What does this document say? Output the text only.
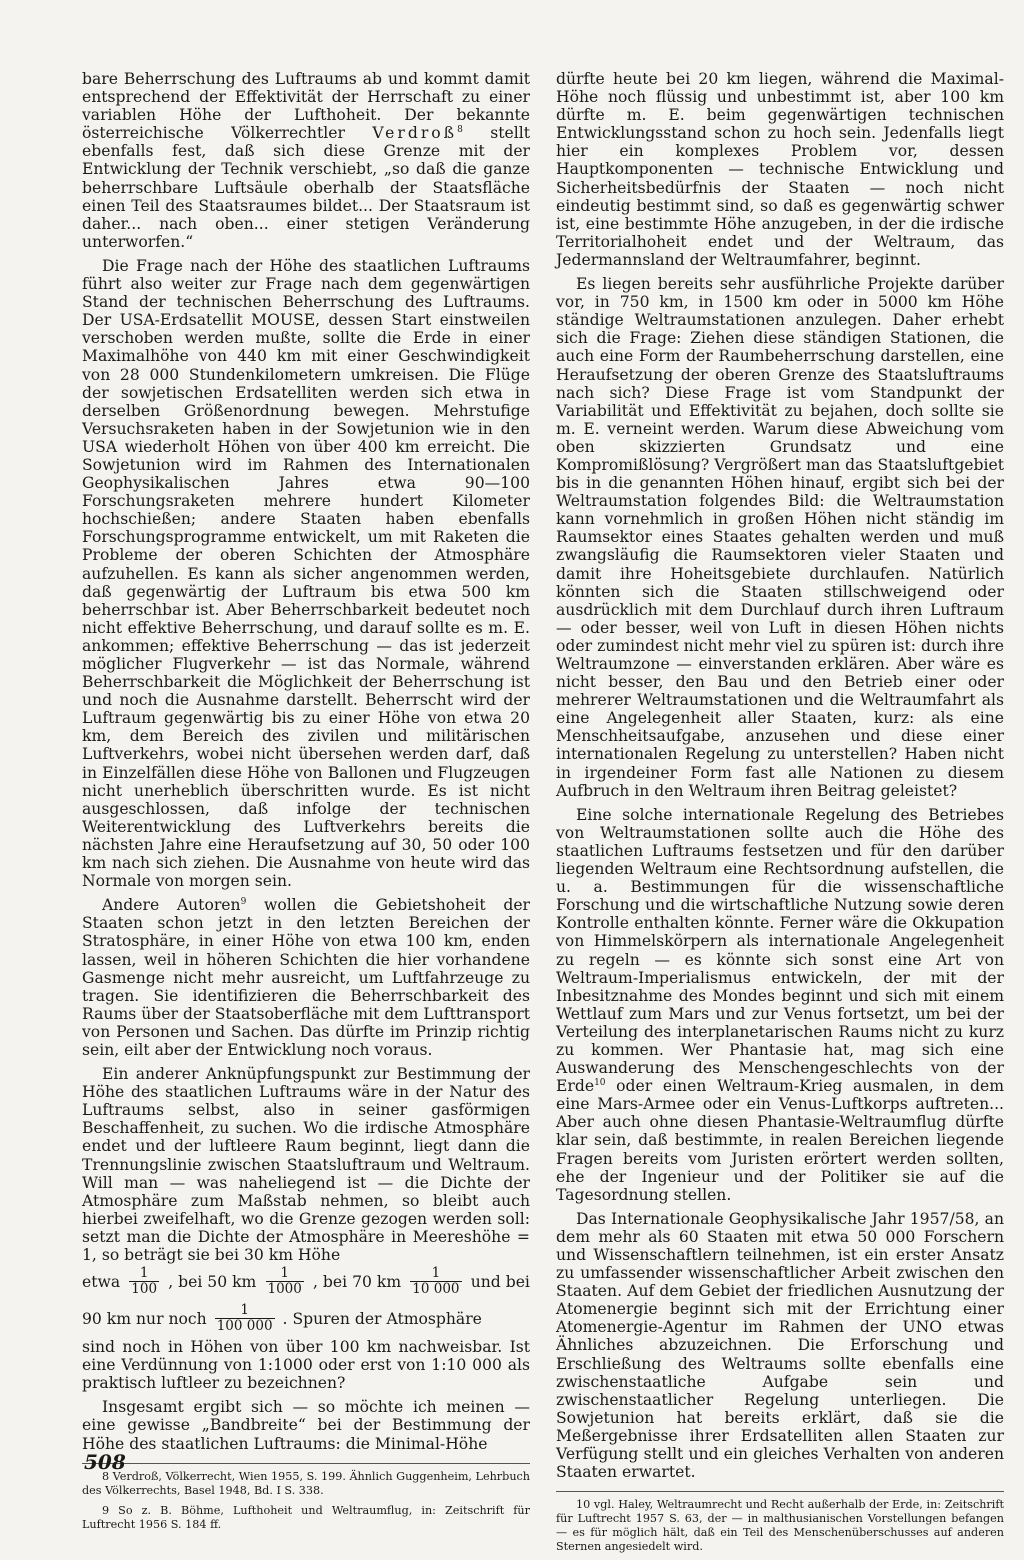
bare Beherrschung des Luftraums ab und kommt damit entsprechend der Effektivität der Herrschaft zu einer variablen Höhe der Lufthoheit. Der bekannte österreichische Völkerrechtler Verdroß$^8$ stellt ebenfalls fest, daß sich diese Grenze mit der Entwicklung der Technik verschiebt, „so daß die ganze beherrschbare Luftsäule oberhalb der Staatsfläche einen Teil des Staatsraumes bildet... Der Staatsraum ist daher... nach oben... einer stetigen Veränderung unterworfen.“

Die Frage nach der Höhe des staatlichen Luftraums führt also weiter zur Frage nach dem gegenwärtigen Stand der technischen Beherrschung des Luftraums. Der USA-Erdsatellit MOUSE, dessen Start einstweilen verschoben werden mußte, sollte die Erde in einer Maximalhöhe von 440 km mit einer Geschwindigkeit von 28 000 Stundenkilometern umkreisen. Die Flüge der sowjetischen Erdsatelliten werden sich etwa in derselben Größenordnung bewegen. Mehrstufige Versuchsraketen haben in der Sowjetunion wie in den USA wiederholt Höhen von über 400 km erreicht. Die Sowjetunion wird im Rahmen des Internationalen Geophysikalischen Jahres etwa 90—100 Forschungsraketen mehrere hundert Kilometer hochschießen; andere Staaten haben ebenfalls Forschungsprogramme entwickelt, um mit Raketen die Probleme der oberen Schichten der Atmosphäre aufzuhellen. Es kann als sicher angenommen werden, daß gegenwärtig der Luftraum bis etwa 500 km beherrschbar ist. Aber Beherrschbarkeit bedeutet noch nicht effektive Beherrschung, und darauf sollte es m. E. ankommen; effektive Beherrschung — das ist jederzeit möglicher Flugverkehr — ist das Normale, während Beherrschbarkeit die Möglichkeit der Beherrschung ist und noch die Ausnahme darstellt. Beherrscht wird der Luftraum gegenwärtig bis zu einer Höhe von etwa 20 km, dem Bereich des zivilen und militärischen Luftverkehrs, wobei nicht übersehen werden darf, daß in Einzelfällen diese Höhe von Ballonen und Flugzeugen nicht unerheblich überschritten wurde. Es ist nicht ausgeschlossen, daß infolge der technischen Weiterentwicklung des Luftverkehrs bereits die nächsten Jahre eine Heraufsetzung auf 30, 50 oder 100 km nach sich ziehen. Die Ausnahme von heute wird das Normale von morgen sein.

Andere Autoren$^9$ wollen die Gebietshoheit der Staaten schon jetzt in den letzten Bereichen der Stratosphäre, in einer Höhe von etwa 100 km, enden lassen, weil in höheren Schichten die hier vorhandene Gasmenge nicht mehr ausreicht, um Luftfahrzeuge zu tragen. Sie identifizieren die Beherrschbarkeit des Raums über der Staatsoberfläche mit dem Lufttransport von Personen und Sachen. Das dürfte im Prinzip richtig sein, eilt aber der Entwicklung noch voraus.

Ein anderer Anknüpfungspunkt zur Bestimmung der Höhe des staatlichen Luftraums wäre in der Natur des Luftraums selbst, also in seiner gasförmigen Beschaffenheit, zu suchen. Wo die irdische Atmosphäre endet und der luftleere Raum beginnt, liegt dann die Trennungslinie zwischen Staatsluftraum und Weltraum. Will man — was naheliegend ist — die Dichte der Atmosphäre zum Maßstab nehmen, so bleibt auch hierbei zweifelhaft, wo die Grenze gezogen werden soll: setzt man die Dichte der Atmosphäre in Meereshöhe = 1, so beträgt sie bei 30 km Höhe

etwa $\frac{1}{100}$ , bei 50 km $\frac{1}{1000}$ , bei 70 km $\frac{1}{10 000}$ und bei
90 km nur noch $\frac{1}{100 000}$ . Spuren der Atmosphäre

sind noch in Höhen von über 100 km nachweisbar. Ist eine Verdünnung von 1:1000 oder erst von 1:10 000 als praktisch luftleer zu bezeichnen?

Insgesamt ergibt sich — so möchte ich meinen — eine gewisse „Bandbreite“ bei der Bestimmung der Höhe des staatlichen Luftraums: die Minimal-Höhe

8 Verdroß, Völkerrecht, Wien 1955, S. 199. Ähnlich Guggenheim, Lehrbuch des Völkerrechts, Basel 1948, Bd. I S. 338.

9 So z. B. Böhme, Lufthoheit und Weltraumflug, in: Zeitschrift für Luftrecht 1956 S. 184 ff.

dürfte heute bei 20 km liegen, während die Maximal-Höhe noch flüssig und unbestimmt ist, aber 100 km dürfte m. E. beim gegenwärtigen technischen Entwicklungsstand schon zu hoch sein. Jedenfalls liegt hier ein komplexes Problem vor, dessen Hauptkomponenten — technische Entwicklung und Sicherheitsbedürfnis der Staaten — noch nicht eindeutig bestimmt sind, so daß es gegenwärtig schwer ist, eine bestimmte Höhe anzugeben, in der die irdische Territorialhoheit endet und der Weltraum, das Jedermannsland der Weltraumfahrer, beginnt.

Es liegen bereits sehr ausführliche Projekte darüber vor, in 750 km, in 1500 km oder in 5000 km Höhe ständige Weltraumstationen anzulegen. Daher erhebt sich die Frage: Ziehen diese ständigen Stationen, die auch eine Form der Raumbeherrschung darstellen, eine Heraufsetzung der oberen Grenze des Staatsluftraums nach sich? Diese Frage ist vom Standpunkt der Variabilität und Effektivität zu bejahen, doch sollte sie m. E. verneint werden. Warum diese Abweichung vom oben skizzierten Grundsatz und eine Kompromißlösung? Vergrößert man das Staatsluftgebiet bis in die genannten Höhen hinauf, ergibt sich bei der Weltraumstation folgendes Bild: die Weltraumstation kann vornehmlich in großen Höhen nicht ständig im Raumsektor eines Staates gehalten werden und muß zwangsläufig die Raumsektoren vieler Staaten und damit ihre Hoheitsgebiete durchlaufen. Natürlich könnten sich die Staaten stillschweigend oder ausdrücklich mit dem Durchlauf durch ihren Luftraum — oder besser, weil von Luft in diesen Höhen nichts oder zumindest nicht mehr viel zu spüren ist: durch ihre Weltraumzone — einverstanden erklären. Aber wäre es nicht besser, den Bau und den Betrieb einer oder mehrerer Weltraumstationen und die Weltraumfahrt als eine Angelegenheit aller Staaten, kurz: als eine Menschheitsaufgabe, anzusehen und diese einer internationalen Regelung zu unterstellen? Haben nicht in irgendeiner Form fast alle Nationen zu diesem Aufbruch in den Weltraum ihren Beitrag geleistet?

Eine solche internationale Regelung des Betriebes von Weltraumstationen sollte auch die Höhe des staatlichen Luftraums festsetzen und für den darüber liegenden Weltraum eine Rechtsordnung aufstellen, die u. a. Bestimmungen für die wissenschaftliche Forschung und die wirtschaftliche Nutzung sowie deren Kontrolle enthalten könnte. Ferner wäre die Okkupation von Himmelskörpern als internationale Angelegenheit zu regeln — es könnte sich sonst eine Art von Weltraum-Imperialismus entwickeln, der mit der Inbesitznahme des Mondes beginnt und sich mit einem Wettlauf zum Mars und zur Venus fortsetzt, um bei der Verteilung des interplanetarischen Raums nicht zu kurz zu kommen. Wer Phantasie hat, mag sich eine Auswanderung des Menschengeschlechts von der Erde$^{10}$ oder einen Weltraum-Krieg ausmalen, in dem eine Mars-Armee oder ein Venus-Luftkorps auftreten... Aber auch ohne diesen Phantasie-Weltraumflug dürfte klar sein, daß bestimmte, in realen Bereichen liegende Fragen bereits vom Juristen erörtert werden sollten, ehe der Ingenieur und der Politiker sie auf die Tagesordnung stellen.

Das Internationale Geophysikalische Jahr 1957/58, an dem mehr als 60 Staaten mit etwa 50 000 Forschern und Wissenschaftlern teilnehmen, ist ein erster Ansatz zu umfassender wissenschaftlicher Arbeit zwischen den Staaten. Auf dem Gebiet der friedlichen Ausnutzung der Atomenergie beginnt sich mit der Errichtung einer Atomenergie-Agentur im Rahmen der UNO etwas Ähnliches abzuzeichnen. Die Erforschung und Erschließung des Weltraums sollte ebenfalls eine zwischenstaatliche Aufgabe sein und zwischenstaatlicher Regelung unterliegen. Die Sowjetunion hat bereits erklärt, daß sie die Meßergebnisse ihrer Erdsatelliten allen Staaten zur Verfügung stellt und ein gleiches Verhalten von anderen Staaten erwartet.

10 vgl. Haley, Weltraumrecht und Recht außerhalb der Erde, in: Zeitschrift für Luftrecht 1957 S. 63, der — in malthusianischen Vorstellungen befangen — es für möglich hält, daß ein Teil des Menschenüberschusses auf anderen Sternen angesiedelt wird.

508
